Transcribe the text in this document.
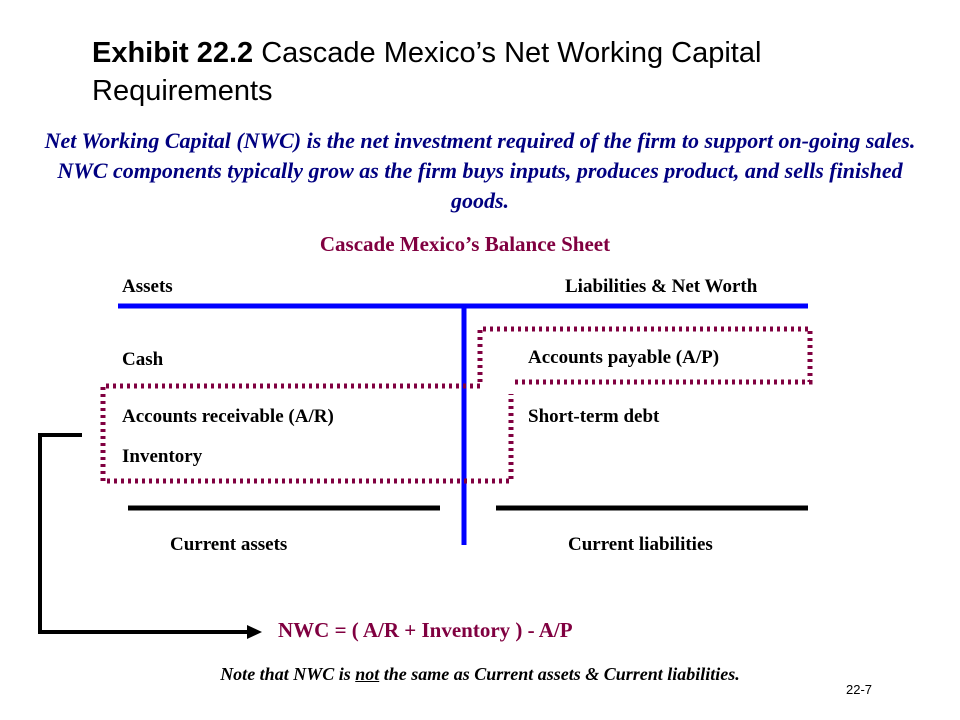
Exhibit 22.2 Cascade Mexico’s Net Working Capital Requirements
Net Working Capital (NWC) is the net investment required of the firm to support on-going sales. NWC components typically grow as the firm buys inputs, produces product, and sells finished goods.
Cascade Mexico’s Balance Sheet
Assets	Liabilities & Net Worth
Cash
Accounts receivable (A/R)
Inventory
Accounts payable (A/P)
Short-term debt
Current assets	Current liabilities
NWC = ( A/R + Inventory ) - A/P
Note that NWC is not the same as Current assets & Current liabilities.
22-7
